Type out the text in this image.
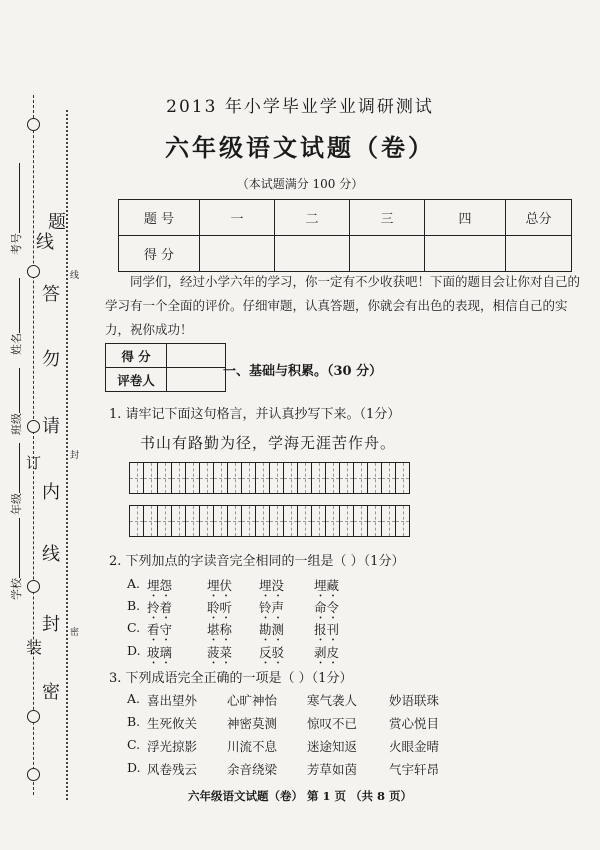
题
线
答
勿
请
内
订
线
封
装
密
线
封
密
考号
姓名
班级
年级
学校
2013 年小学毕业学业调研测试
六年级语文试题（卷）
（本试题满分 100 分）
题 号	一	二	三	四	总分
得 分					
同学们，经过小学六年的学习，你一定有不少收获吧！下面的题目会让你对自己的学习有一个全面的评价。仔细审题，认真答题，你就会有出色的表现，相信自己的实力，祝你成功！
得 分	
评卷人	
一、基础与积累。（30 分）
1. 请牢记下面这句格言，并认真抄写下来。（1分）
书山有路勤为径，学海无涯苦作舟。
2. 下列加点的字读音完全相同的一组是（ ）（1分）
A. 埋怨	埋伏 埋没 埋藏
B. 拎着	聆听 铃声 命令
C. 看守	堪称 勘测 报刊
D. 玻璃	菠菜 反驳 剥皮
3. 下列成语完全正确的一项是（ ）（1分）
A. 喜出望外 心旷神怡 寒气袭人	妙语联珠
B. 生死攸关 神密莫测 惊叹不已	赏心悦目
C. 浮光掠影 川流不息 迷途知返	火眼金晴
D. 风卷残云 余音绕梁 芳草如茵	气宇轩昂
六年级语文试题（卷） 第 1 页 （共 8 页）
